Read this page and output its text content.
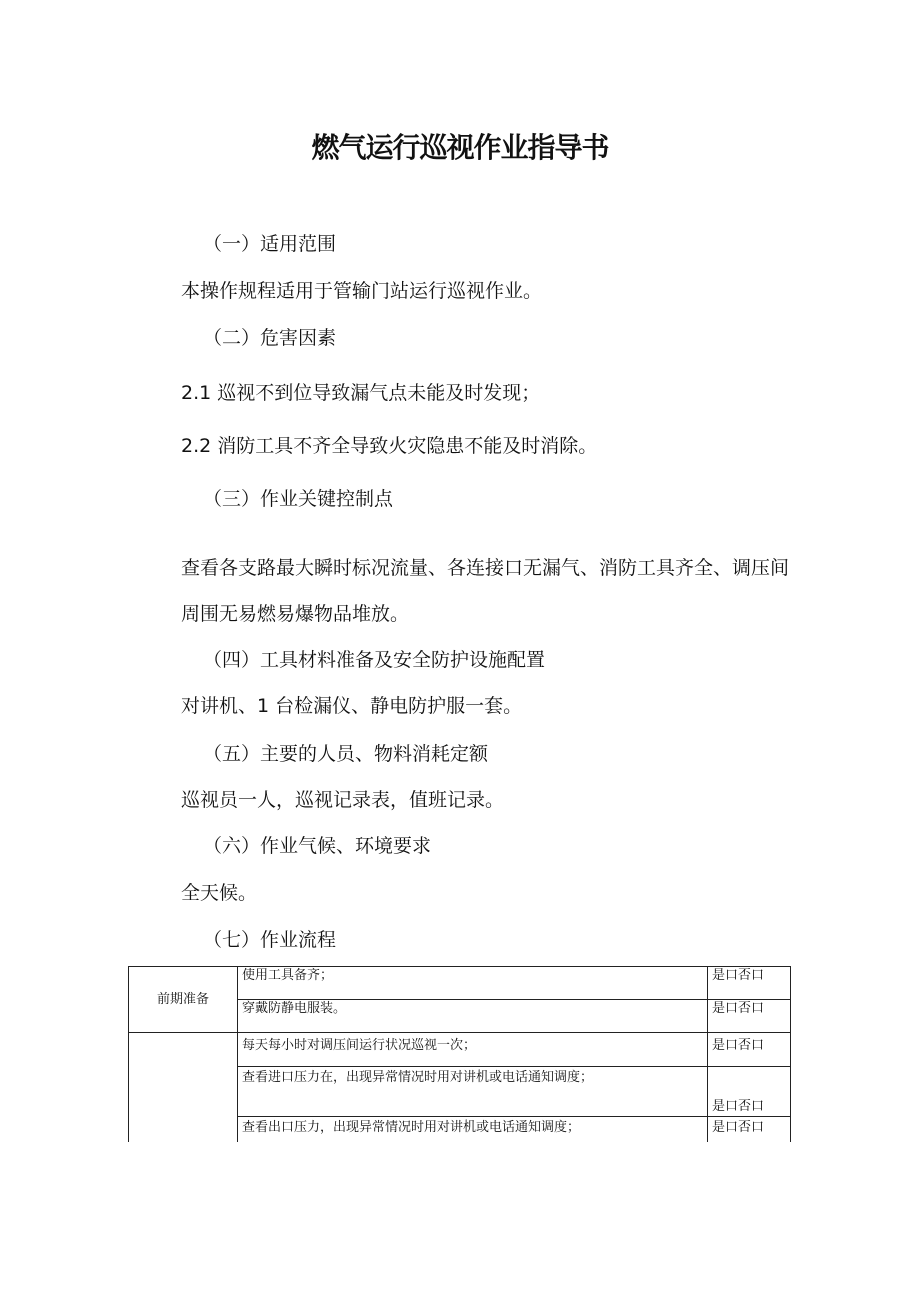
燃气运行巡视作业指导书
（一）适用范围
本操作规程适用于管输门站运行巡视作业。
（二）危害因素
2.1 巡视不到位导致漏气点未能及时发现；
2.2 消防工具不齐全导致火灾隐患不能及时消除。
（三）作业关键控制点
查看各支路最大瞬时标况流量、各连接口无漏气、消防工具齐全、调压间周围无易燃易爆物品堆放。
（四）工具材料准备及安全防护设施配置
对讲机、1 台检漏仪、静电防护服一套。
（五）主要的人员、物料消耗定额
巡视员一人，巡视记录表，值班记录。
（六）作业气候、环境要求
全天候。
（七）作业流程
前期准备	使用工具备齐；	是口否口
	穿戴防静电服装。	是口否口
	每天每小时对调压间运行状况巡视一次；	是口否口
	查看进口压力在，出现异常情况时用对讲机或电话通知调度；	是口否口
	查看出口压力，出现异常情况时用对讲机或电话通知调度；	是口否口
